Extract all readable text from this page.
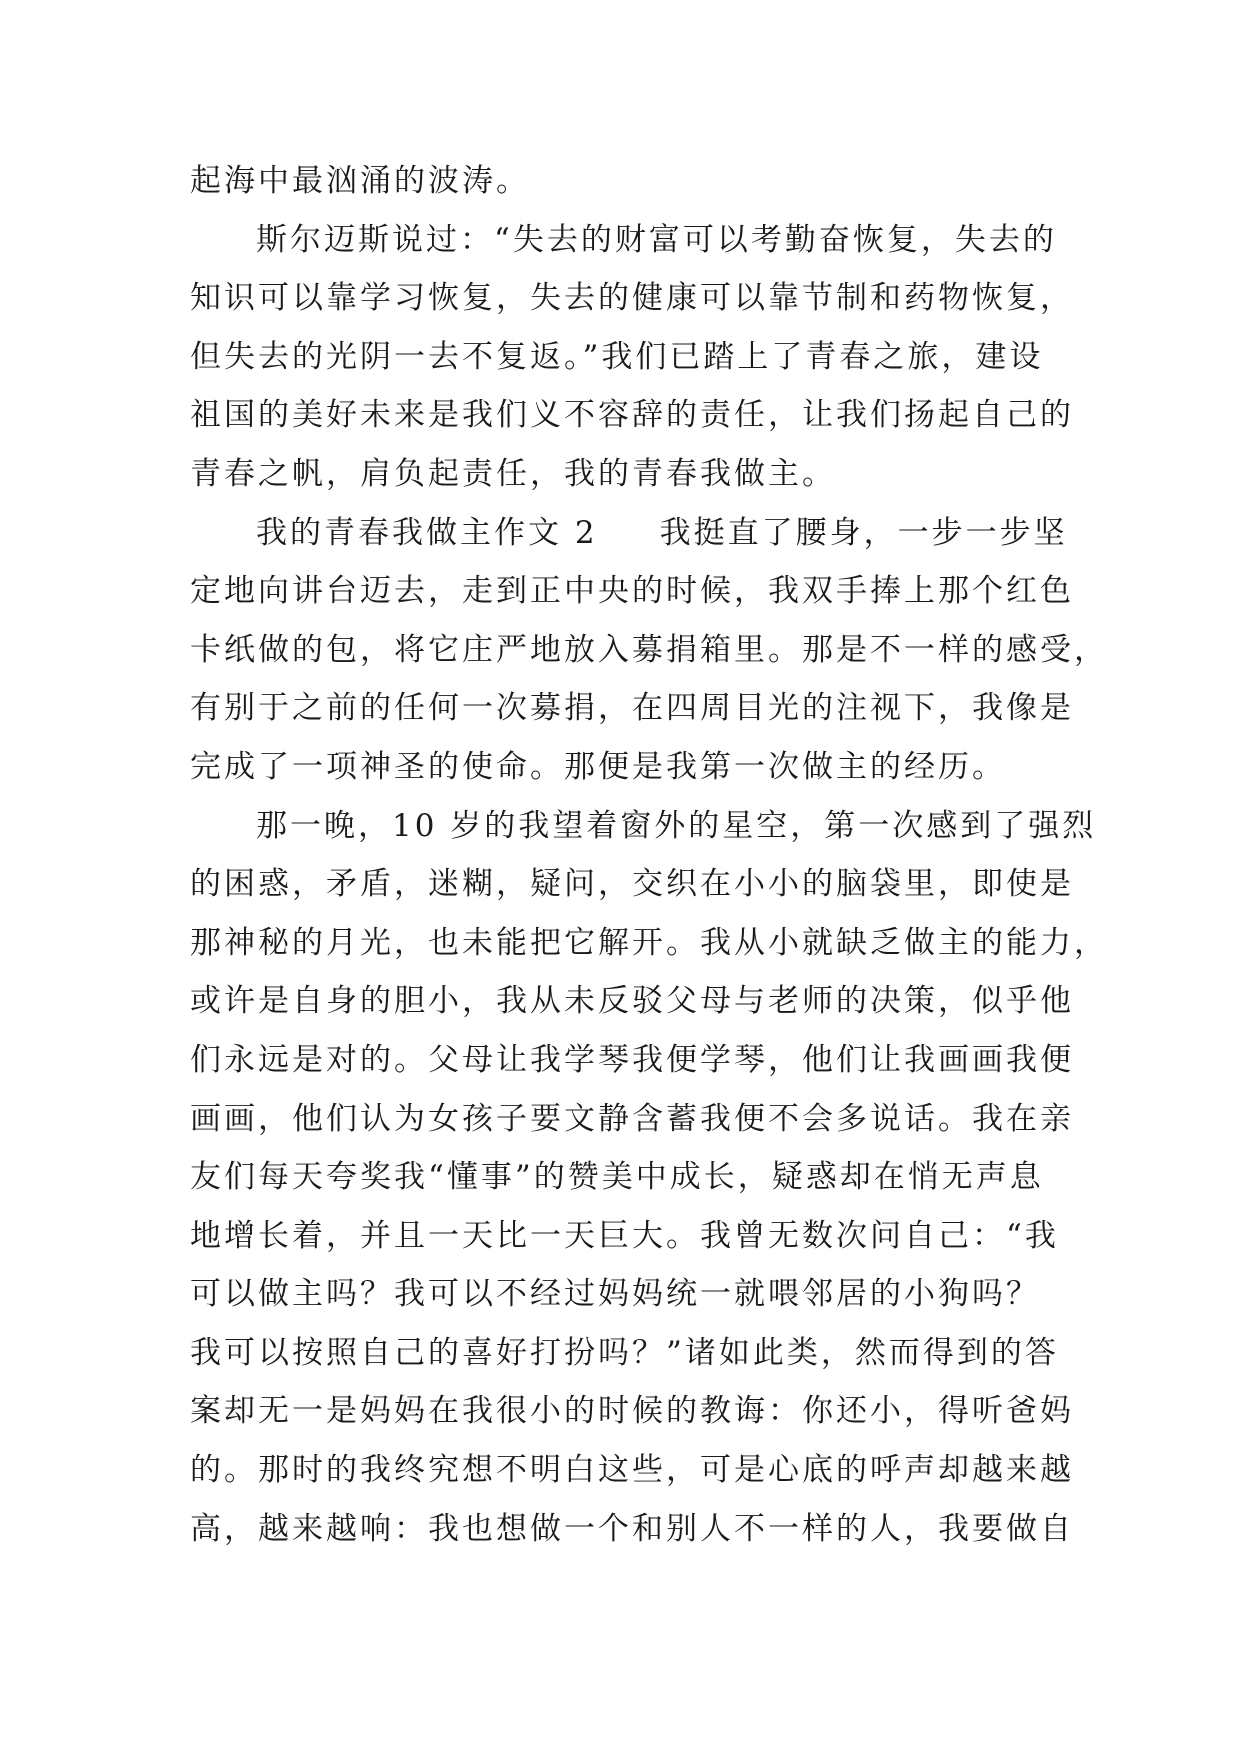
起海中最汹涌的波涛。
斯尔迈斯说过：“失去的财富可以考勤奋恢复，失去的
知识可以靠学习恢复，失去的健康可以靠节制和药物恢复，
但失去的光阴一去不复返。”我们已踏上了青春之旅，建设
祖国的美好未来是我们义不容辞的责任，让我们扬起自己的
青春之帆，肩负起责任，我的青春我做主。
我的青春我做主作文 2 我挺直了腰身，一步一步坚
定地向讲台迈去，走到正中央的时候，我双手捧上那个红色
卡纸做的包，将它庄严地放入募捐箱里。那是不一样的感受，
有别于之前的任何一次募捐，在四周目光的注视下，我像是
完成了一项神圣的使命。那便是我第一次做主的经历。
那一晚，10 岁的我望着窗外的星空，第一次感到了强烈
的困惑，矛盾，迷糊，疑问，交织在小小的脑袋里，即使是
那神秘的月光，也未能把它解开。我从小就缺乏做主的能力，
或许是自身的胆小，我从未反驳父母与老师的决策，似乎他
们永远是对的。父母让我学琴我便学琴，他们让我画画我便
画画，他们认为女孩子要文静含蓄我便不会多说话。我在亲
友们每天夸奖我“懂事”的赞美中成长，疑惑却在悄无声息
地增长着，并且一天比一天巨大。我曾无数次问自己：“我
可以做主吗？我可以不经过妈妈统一就喂邻居的小狗吗？
我可以按照自己的喜好打扮吗？”诸如此类，然而得到的答
案却无一是妈妈在我很小的时候的教诲：你还小，得听爸妈
的。那时的我终究想不明白这些，可是心底的呼声却越来越
高，越来越响：我也想做一个和别人不一样的人，我要做自
